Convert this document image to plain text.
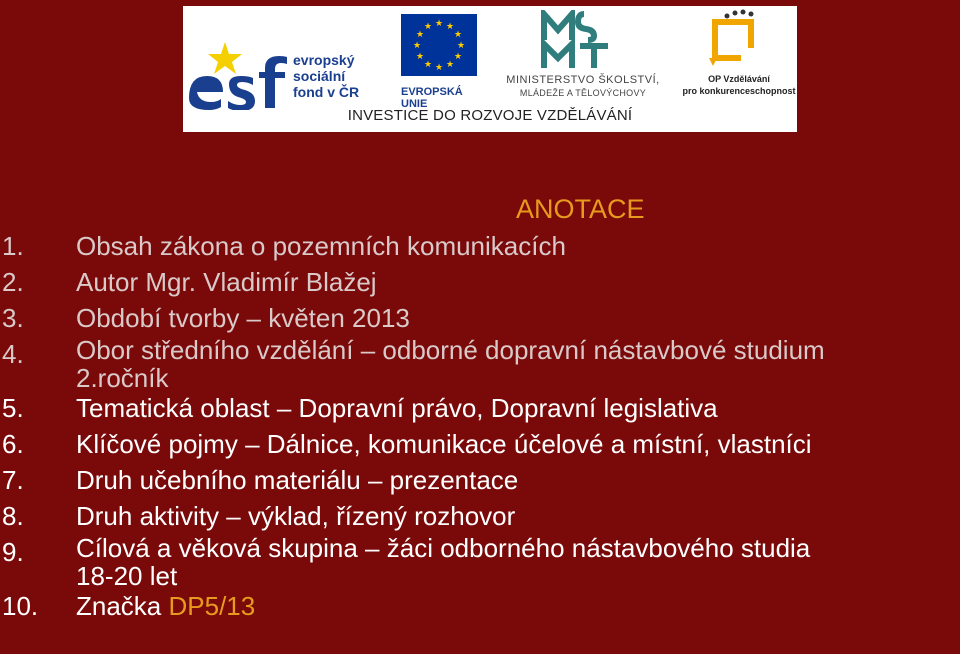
evropský
sociální
fond v ČR
★ ★
★
★
★
★
★
★
★
★
★
★
EVROPSKÁ UNIE
MINISTERSTVO ŠKOLSTVÍ,
MLÁDEŽE A TĚLOVÝCHOVY
OP Vzdělávání
pro konkurenceschopnost
INVESTICE DO ROZVOJE VZDĚLÁVÁNÍ
ANOTACE
1. Obsah zákona o pozemních komunikacích
2. Autor Mgr. Vladimír Blažej
3. Období tvorby – květen 2013
4. Obor středního vzdělání – odborné dopravní nástavbové studium
2.ročník
5. Tematická oblast – Dopravní právo, Dopravní legislativa
6. Klíčové pojmy – Dálnice, komunikace účelové a místní, vlastníci
7. Druh učebního materiálu – prezentace
8. Druh aktivity – výklad, řízený rozhovor
9. Cílová a věková skupina – žáci odborného nástavbového studia
18-20 let
10. Značka DP5/13
